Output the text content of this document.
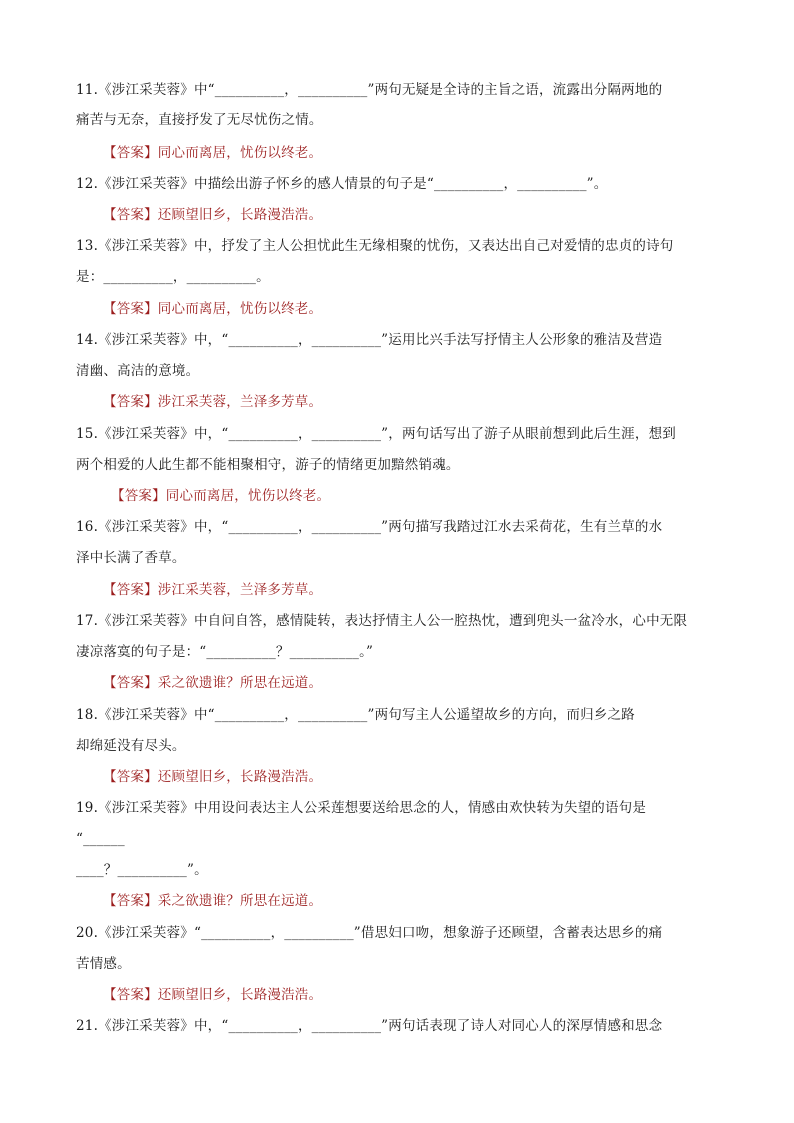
11.《涉江采芙蓉》中“__________，__________”两句无疑是全诗的主旨之语，流露出分隔两地的
痛苦与无奈，直接抒发了无尽忧伤之情。
【答案】同心而离居，忧伤以终老。
12.《涉江采芙蓉》中描绘出游子怀乡的感人情景的句子是“__________，__________”。
【答案】还顾望旧乡，长路漫浩浩。
13.《涉江采芙蓉》中，抒发了主人公担忧此生无缘相聚的忧伤，又表达出自己对爱情的忠贞的诗句
是：__________，__________。
【答案】同心而离居，忧伤以终老。
14.《涉江采芙蓉》中，“__________，__________”运用比兴手法写抒情主人公形象的雅洁及营造
清幽、高洁的意境。
【答案】涉江采芙蓉，兰泽多芳草。
15.《涉江采芙蓉》中，“__________，__________”，两句话写出了游子从眼前想到此后生涯，想到
两个相爱的人此生都不能相聚相守，游子的情绪更加黯然销魂。
【答案】同心而离居，忧伤以终老。
16.《涉江采芙蓉》中，“__________，__________”两句描写我踏过江水去采荷花，生有兰草的水
泽中长满了香草。
【答案】涉江采芙蓉，兰泽多芳草。
17.《涉江采芙蓉》中自问自答，感情陡转，表达抒情主人公一腔热忱，遭到兜头一盆冷水，心中无限
凄凉落寞的句子是：“__________？__________。”
【答案】采之欲遗谁？所思在远道。
18.《涉江采芙蓉》中“__________，__________”两句写主人公遥望故乡的方向，而归乡之路
却绵延没有尽头。
【答案】还顾望旧乡，长路漫浩浩。
19.《涉江采芙蓉》中用设问表达主人公采莲想要送给思念的人，情感由欢快转为失望的语句是
“______
____？__________”。
【答案】采之欲遗谁？所思在远道。
20.《涉江采芙蓉》“__________，__________”借思妇口吻，想象游子还顾望，含蓄表达思乡的痛
苦情感。
【答案】还顾望旧乡，长路漫浩浩。
21.《涉江采芙蓉》中，“__________，__________”两句话表现了诗人对同心人的深厚情感和思念
